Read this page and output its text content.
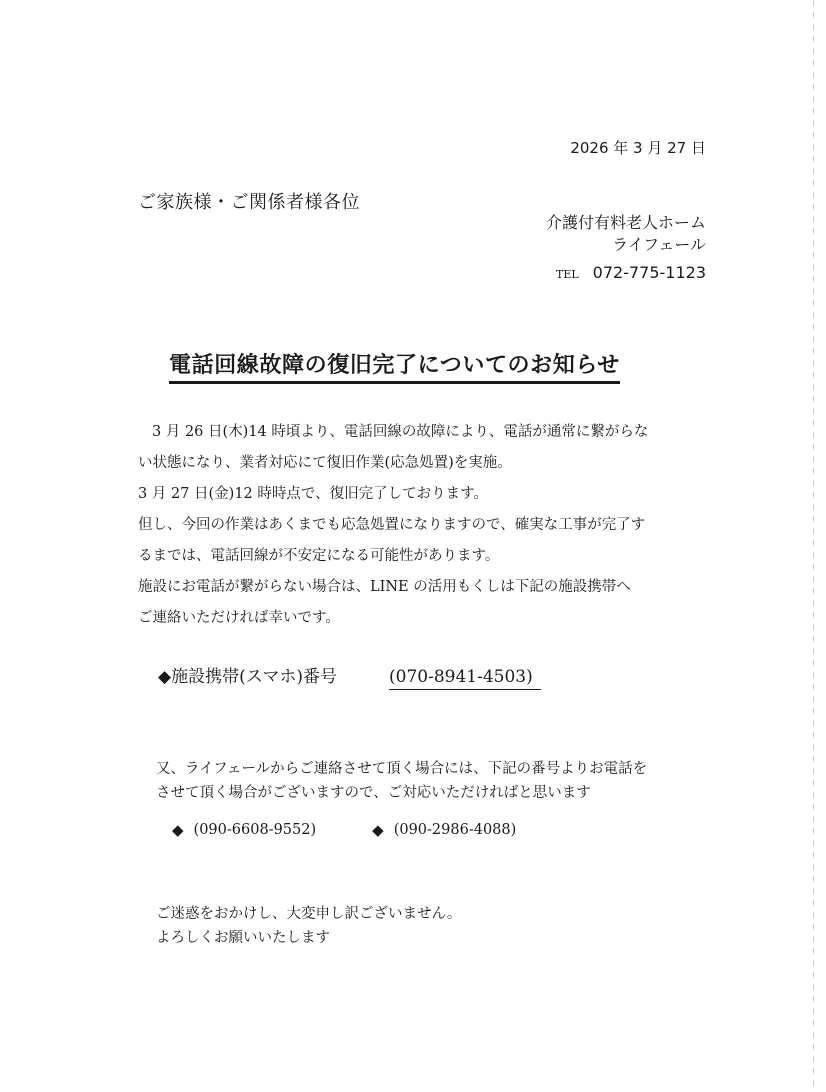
2026 年 3 月 27 日
ご家族様・ご関係者様各位
介護付有料老人ホーム
ライフェール
TEL 072-775-1123
電話回線故障の復旧完了についてのお知らせ

3 月 26 日(木)14 時頃より、電話回線の故障により、電話が通常に繋がらな

い状態になり、業者対応にて復旧作業(応急処置)を実施。

3 月 27 日(金)12 時時点で、復旧完了しております。

但し、今回の作業はあくまでも応急処置になりますので、確実な工事が完了す

るまでは、電話回線が不安定になる可能性があります。

施設にお電話が繋がらない場合は、LINE の活用もくしは下記の施設携帯へ

ご連絡いただければ幸いです。

◆施設携帯(スマホ)番号	(070-8941-4503)

又、ライフェールからご連絡させて頂く場合には、下記の番号よりお電話を

させて頂く場合がございますので、ご対応いただければと思います

◆ (090-6608-9552)	◆ (090-2986-4088)

ご迷惑をおかけし、大変申し訳ございません。

よろしくお願いいたします
